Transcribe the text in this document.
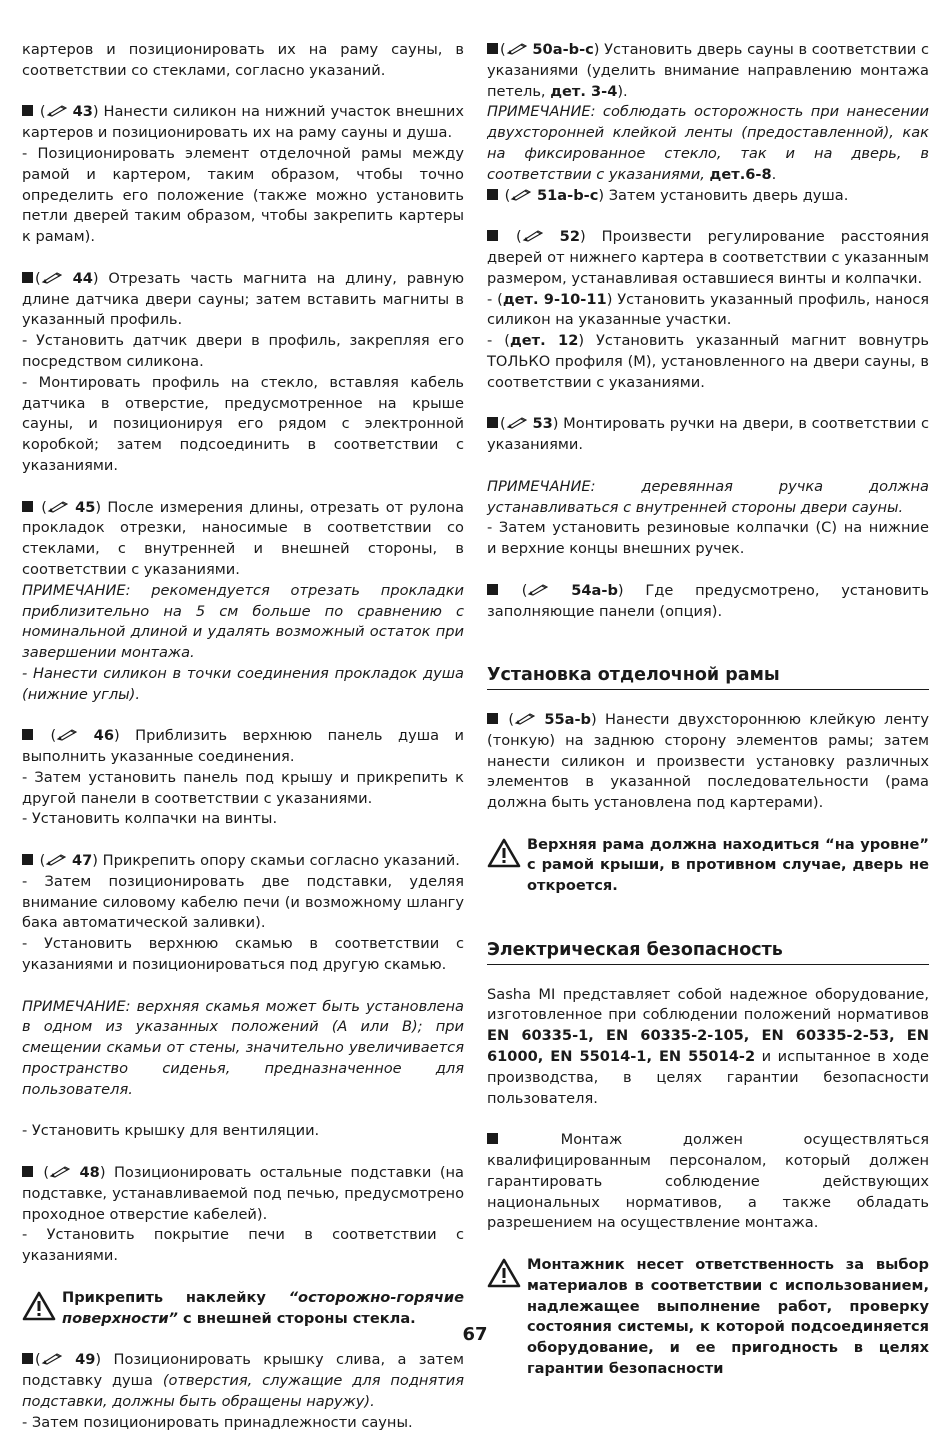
картеров и позиционировать их на раму сауны, в соответствии со стеклами, согласно указаний.

( 43) Нанести силикон на нижний участок внешних картеров и позиционировать их на раму сауны и душа.

- Позиционировать элемент отделочной рамы между рамой и картером, таким образом, чтобы точно определить его положение (также можно установить петли дверей таким образом, чтобы закрепить картеры к рамам).

( 44) Отрезать часть магнита на длину, равную длине датчика двери сауны; затем вставить магниты в указанный профиль.

- Установить датчик двери в профиль, закрепляя его посредством силикона.

- Монтировать профиль на стекло, вставляя кабель датчика в отверстие, предусмотренное на крыше сауны, и позиционируя его рядом с электронной коробкой; затем подсоединить в соответствии с указаниями.

( 45) После измерения длины, отрезать от рулона прокладок отрезки, наносимые в соответствии со стеклами, с внутренней и внешней стороны, в соответствии с указаниями.

ПРИМЕЧАНИЕ: рекомендуется отрезать прокладки приблизительно на 5 см больше по сравнению с номинальной длиной и удалять возможный остаток при завершении монтажа.

- Нанести силикон в точки соединения прокладок душа (нижние углы).

(	46) Приблизить верхнюю панель душа и выполнить указанные соединения.

- Затем установить панель под крышу и прикрепить к другой панели в соответствии с указаниями.

- Установить колпачки на винты.

( 47) Прикрепить опору скамьи согласно указаний.

- Затем позиционировать две подставки, уделяя внимание силовому кабелю печи (и возможному шлангу бака автоматической заливки).

- Установить верхнюю скамью в соответствии с указаниями и позиционироваться под другую скамью.

ПРИМЕЧАНИЕ: верхняя скамья может быть установлена в одном из указанных положений (A или B); при смещении скамьи от стены, значительно увеличивается пространство сиденья, предназначенное для пользователя.

- Установить крышку для вентиляции.

( 48) Позиционировать остальные подставки (на подставке, устанавливаемой под печью, предусмотрено проходное отверстие кабелей).

- Установить покрытие печи в соответствии с указаниями.

Прикрепить наклейку “осторожно-горячие поверхности” с внешней стороны стекла.

( 49) Позиционировать крышку слива, а затем подставку душа (отверстия, служащие для поднятия подставки, должны быть обращены наружу).

- Затем позиционировать принадлежности сауны.

( 50a-b-c) Установить дверь сауны в соответствии с указаниями (уделить внимание направлению монтажа петель, дет. 3-4).

ПРИМЕЧАНИЕ: соблюдать осторожность при нанесении двухсторонней клейкой ленты (предоставленной), как на фиксированное стекло, так и на дверь, в соответствии с указаниями, дет.6-8.

( 51a-b-c) Затем установить дверь душа.

(	52) Произвести регулирование расстояния дверей от нижнего картера в соответствии с указанным размером, устанавливая оставшиеся винты и колпачки.

- (дет. 9-10-11) Установить указанный профиль, нанося силикон на указанные участки.

- (дет. 12) Установить указанный магнит вовнутрь ТОЛЬКО профиля (M), установленного на двери сауны, в соответствии с указаниями.

( 53) Монтировать ручки на двери, в соответствии с указаниями.

ПРИМЕЧАНИЕ: деревянная ручка должна устанавливаться с внутренней стороны двери сауны.

- Затем установить резиновые колпачки (C) на нижние и верхние концы внешних ручек.

(	54a-b) Где предусмотрено, установить заполняющие панели (опция).

Установка отделочной рамы

( 55a-b) Нанести двухстороннюю клейкую ленту (тонкую) на заднюю сторону элементов рамы; затем нанести силикон и произвести установку различных элементов в указанной последовательности (рама должна быть установлена под картерами).

Верхняя рама должна находиться “на уровне” с рамой крыши, в противном случае, дверь не откроется.
Электрическая безопасность

Sasha MI представляет собой надежное оборудование, изготовленное при соблюдении положений нормативов EN 60335-1, EN 60335-2-105, EN 60335-2-53, EN 61000, EN 55014-1, EN 55014-2 и испытанное в ходе производства, в целях гарантии безопасности пользователя.

Монтаж должен осуществляться квалифицированным персоналом, который должен гарантировать соблюдение действующих национальных нормативов, а также обладать разрешением на осуществление монтажа.

Монтажник несет ответственность за выбор материалов в соответствии с использованием, надлежащее выполнение работ, проверку состояния системы, к которой подсоединяется оборудование, и ее пригодность в целях гарантии безопасности
67
